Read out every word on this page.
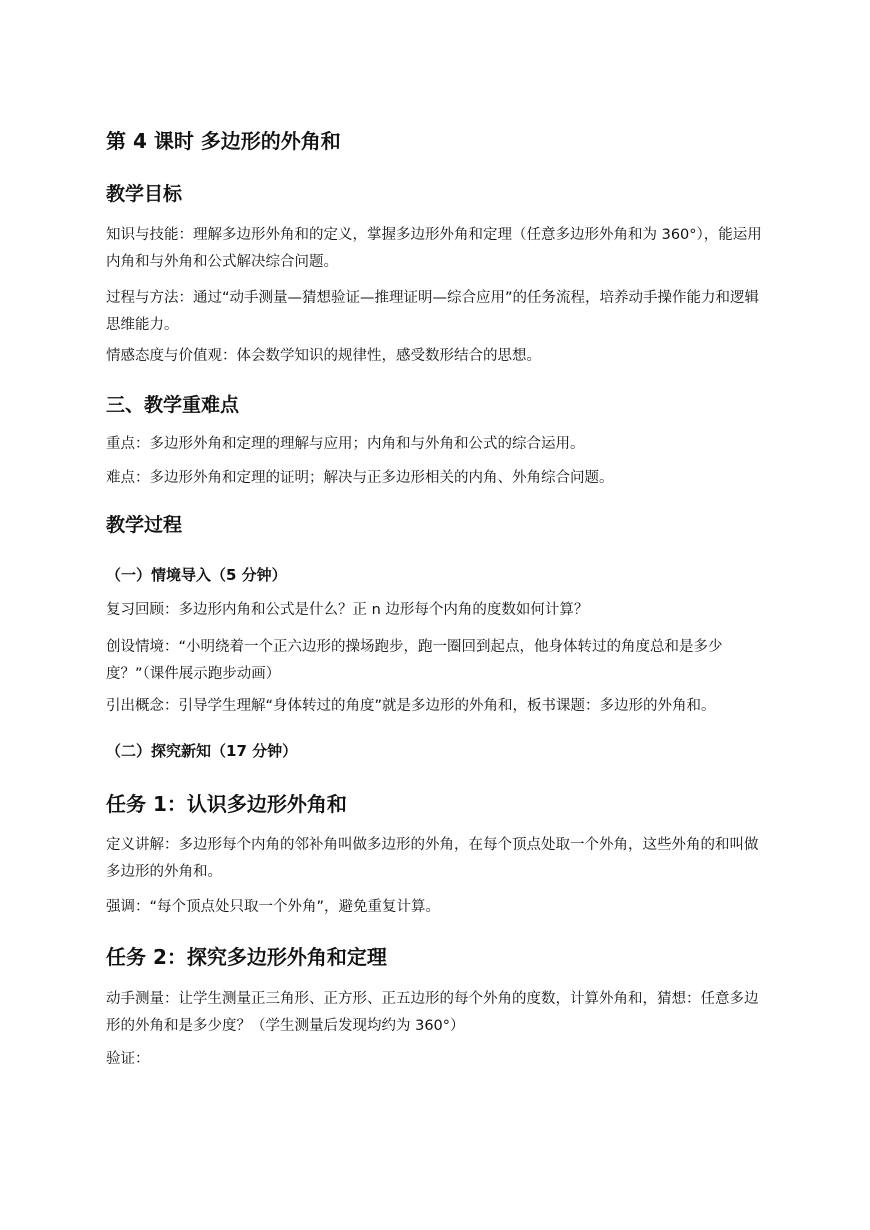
第 4 课时 多边形的外角和
教学目标

知识与技能：理解多边形外角和的定义，掌握多边形外角和定理（任意多边形外角和为 360°），能运用内角和与外角和公式解决综合问题。

过程与方法：通过“动手测量—猜想验证—推理证明—综合应用”的任务流程，培养动手操作能力和逻辑思维能力。

情感态度与价值观：体会数学知识的规律性，感受数形结合的思想。

三、教学重难点

重点：多边形外角和定理的理解与应用；内角和与外角和公式的综合运用。

难点：多边形外角和定理的证明；解决与正多边形相关的内角、外角综合问题。

教学过程
（一）情境导入（5 分钟）

复习回顾：多边形内角和公式是什么？正 n 边形每个内角的度数如何计算？

创设情境：“小明绕着一个正六边形的操场跑步，跑一圈回到起点，他身体转过的角度总和是多少度？”（课件展示跑步动画）

引出概念：引导学生理解“身体转过的角度”就是多边形的外角和，板书课题：多边形的外角和。

（二）探究新知（17 分钟）
任务 1：认识多边形外角和

定义讲解：多边形每个内角的邻补角叫做多边形的外角，在每个顶点处取一个外角，这些外角的和叫做多边形的外角和。

强调：“每个顶点处只取一个外角”，避免重复计算。

任务 2：探究多边形外角和定理

动手测量：让学生测量正三角形、正方形、正五边形的每个外角的度数，计算外角和，猜想：任意多边形的外角和是多少度？（学生测量后发现均约为 360°）

验证：
